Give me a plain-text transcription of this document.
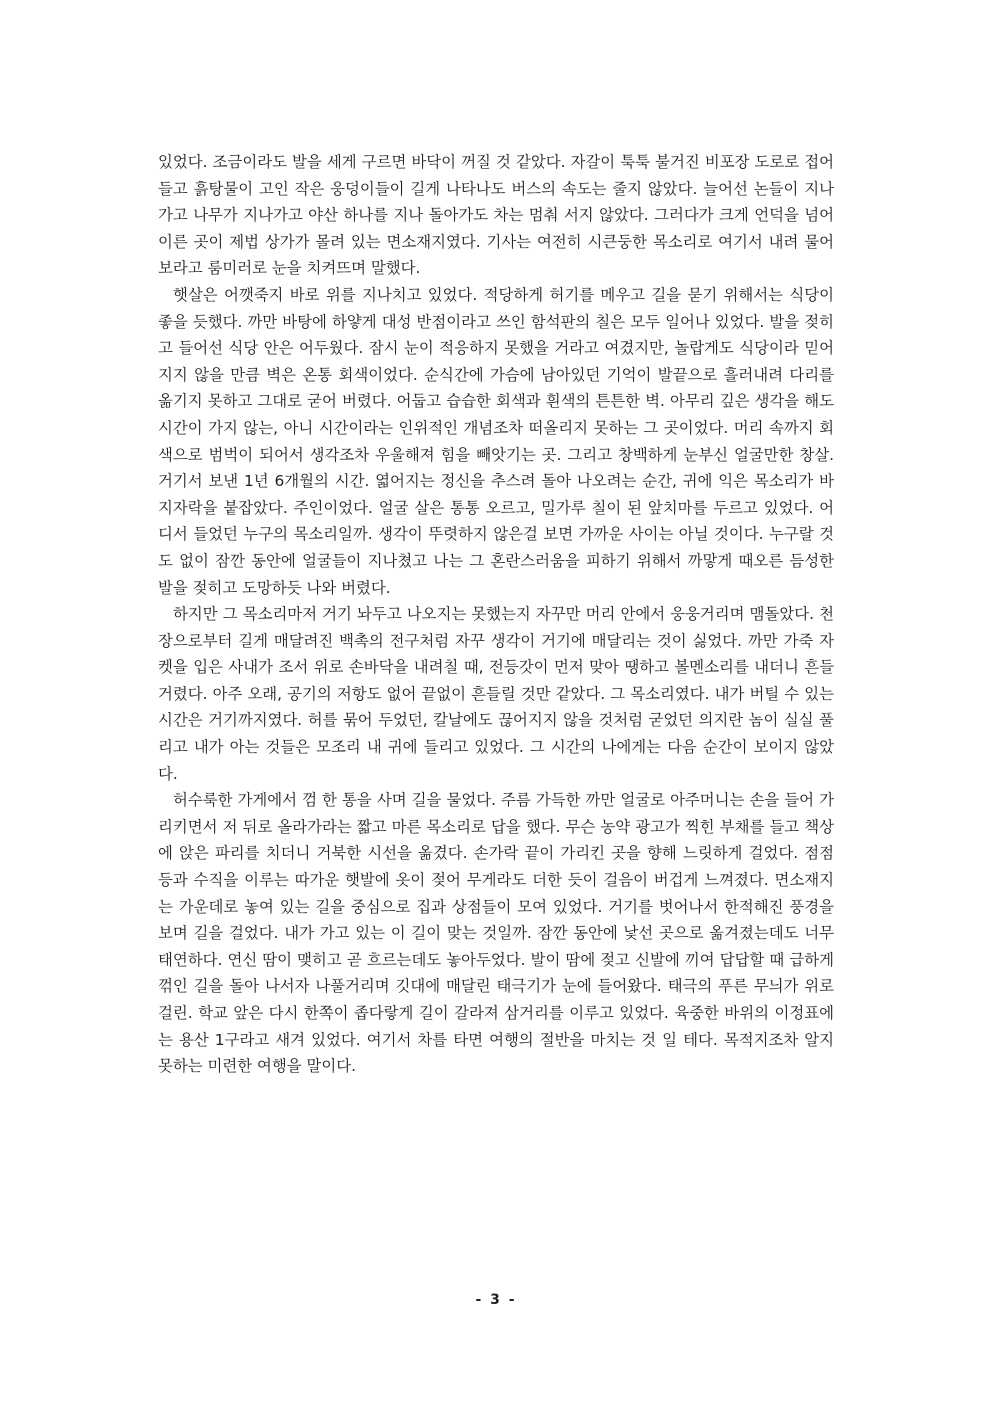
있었다. 조금이라도 발을 세게 구르면 바닥이 꺼질 것 같았다. 자갈이 툭툭 불거진 비포장 도로로 접어들고 흙탕물이 고인 작은 웅덩이들이 길게 나타나도 버스의 속도는 줄지 않았다. 늘어선 논들이 지나가고 나무가 지나가고 야산 하나를 지나 돌아가도 차는 멈춰 서지 않았다. 그러다가 크게 언덕을 넘어 이른 곳이 제법 상가가 몰려 있는 면소재지였다. 기사는 여전히 시큰둥한 목소리로 여기서 내려 물어보라고 룸미러로 눈을 치켜뜨며 말했다.

햇살은 어깻죽지 바로 위를 지나치고 있었다. 적당하게 허기를 메우고 길을 묻기 위해서는 식당이 좋을 듯했다. 까만 바탕에 하얗게 대성 반점이라고 쓰인 함석판의 칠은 모두 일어나 있었다. 발을 젖히고 들어선 식당 안은 어두웠다. 잠시 눈이 적응하지 못했을 거라고 여겼지만, 놀랍게도 식당이라 믿어지지 않을 만큼 벽은 온통 회색이었다. 순식간에 가슴에 남아있던 기억이 발끝으로 흘러내려 다리를 옮기지 못하고 그대로 굳어 버렸다. 어둡고 습습한 회색과 흰색의 튼튼한 벽. 아무리 깊은 생각을 해도 시간이 가지 않는, 아니 시간이라는 인위적인 개념조차 떠올리지 못하는 그 곳이었다. 머리 속까지 회색으로 범벅이 되어서 생각조차 우울해져 힘을 빼앗기는 곳. 그리고 창백하게 눈부신 얼굴만한 창살. 거기서 보낸 1년 6개월의 시간. 엷어지는 정신을 추스려 돌아 나오려는 순간, 귀에 익은 목소리가 바지자락을 붙잡았다. 주인이었다. 얼굴 살은 통통 오르고, 밀가루 칠이 된 앞치마를 두르고 있었다. 어디서 들었던 누구의 목소리일까. 생각이 뚜렷하지 않은걸 보면 가까운 사이는 아닐 것이다. 누구랄 것도 없이 잠깐 동안에 얼굴들이 지나쳤고 나는 그 혼란스러움을 피하기 위해서 까맣게 때오른 듬성한 발을 젖히고 도망하듯 나와 버렸다.

하지만 그 목소리마저 거기 놔두고 나오지는 못했는지 자꾸만 머리 안에서 웅웅거리며 맴돌았다. 천장으로부터 길게 매달려진 백촉의 전구처럼 자꾸 생각이 거기에 매달리는 것이 싫었다. 까만 가죽 자켓을 입은 사내가 조서 위로 손바닥을 내려칠 때, 전등갓이 먼저 맞아 땡하고 볼멘소리를 내더니 흔들거렸다. 아주 오래, 공기의 저항도 없어 끝없이 흔들릴 것만 같았다. 그 목소리였다. 내가 버틸 수 있는 시간은 거기까지였다. 허를 묶어 두었던, 칼날에도 끊어지지 않을 것처럼 굳었던 의지란 놈이 실실 풀리고 내가 아는 것들은 모조리 내 귀에 들리고 있었다. 그 시간의 나에게는 다음 순간이 보이지 않았다.

허수룩한 가게에서 껌 한 통을 사며 길을 물었다. 주름 가득한 까만 얼굴로 아주머니는 손을 들어 가리키면서 저 뒤로 올라가라는 짧고 마른 목소리로 답을 했다. 무슨 농약 광고가 찍힌 부채를 들고 책상에 앉은 파리를 치더니 거북한 시선을 옮겼다. 손가락 끝이 가리킨 곳을 향해 느릿하게 걸었다. 점점 등과 수직을 이루는 따가운 햇발에 옷이 젖어 무게라도 더한 듯이 걸음이 버겁게 느껴졌다. 면소재지는 가운데로 놓여 있는 길을 중심으로 집과 상점들이 모여 있었다. 거기를 벗어나서 한적해진 풍경을 보며 길을 걸었다. 내가 가고 있는 이 길이 맞는 것일까. 잠깐 동안에 낯선 곳으로 옮겨졌는데도 너무 태연하다. 연신 땀이 맺히고 곧 흐르는데도 놓아두었다. 발이 땀에 젖고 신발에 끼여 답답할 때 급하게 꺾인 길을 돌아 나서자 나풀거리며 깃대에 매달린 태극기가 눈에 들어왔다. 태극의 푸른 무늬가 위로 걸린. 학교 앞은 다시 한쪽이 좁다랗게 길이 갈라져 삼거리를 이루고 있었다. 육중한 바위의 이정표에는 용산 1구라고 새겨 있었다. 여기서 차를 타면 여행의 절반을 마치는 것 일 테다. 목적지조차 알지 못하는 미련한 여행을 말이다.

- 3 -
